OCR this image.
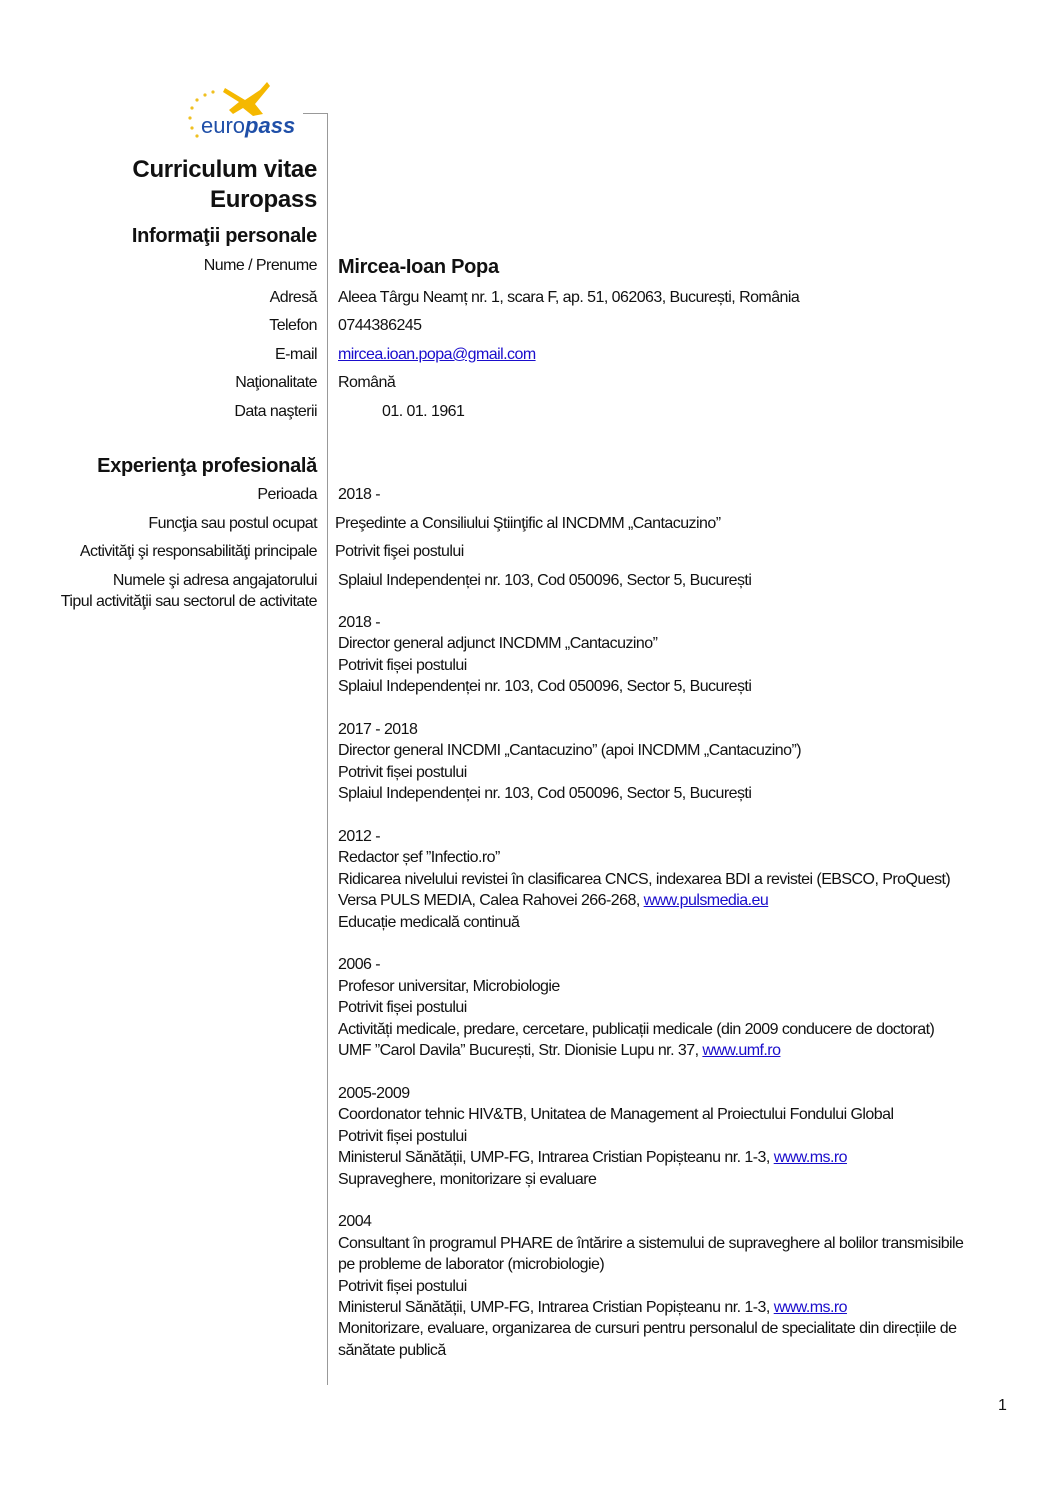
europass
Curriculum vitae
Europass
Informaţii personale
Nume / Prenume Mircea-Ioan Popa
Adresă Aleea Târgu Neamț nr. 1, scara F, ap. 51, 062063, București, România
Telefon 0744386245
E-mail mircea.ioan.popa@gmail.com
Naţionalitate Română
Data naşterii	01. 01. 1961
Experienţa profesională
Perioada 2018 -
Funcţia sau postul ocupat Preşedinte a Consiliului Ştiinţific al INCDMM „Cantacuzino”
Activităţi şi responsabilităţi principale Potrivit fişei postului
Numele şi adresa angajatorului Splaiul Independenței nr. 103, Cod 050096, Sector 5, București
Tipul activităţii sau sectorul de activitate
2018 -
Director general adjunct INCDMM „Cantacuzino”
Potrivit fișei postului
Splaiul Independenței nr. 103, Cod 050096, Sector 5, București
2017 - 2018
Director general INCDMI „Cantacuzino” (apoi INCDMM „Cantacuzino”)
Potrivit fișei postului
Splaiul Independenței nr. 103, Cod 050096, Sector 5, București
2012 -
Redactor șef ”Infectio.ro”
Ridicarea nivelului revistei în clasificarea CNCS, indexarea BDI a revistei (EBSCO, ProQuest)
Versa PULS MEDIA, Calea Rahovei 266-268, www.pulsmedia.eu
Educație medicală continuă
2006 -
Profesor universitar, Microbiologie
Potrivit fișei postului
Activități medicale, predare, cercetare, publicații medicale (din 2009 conducere de doctorat)
UMF ”Carol Davila” București, Str. Dionisie Lupu nr. 37, www.umf.ro
2005-2009
Coordonator tehnic HIV&TB, Unitatea de Management al Proiectului Fondului Global
Potrivit fișei postului
Ministerul Sănătății, UMP-FG, Intrarea Cristian Popișteanu nr. 1-3, www.ms.ro
Supraveghere, monitorizare și evaluare
2004
Consultant în programul PHARE de întărire a sistemului de supraveghere al bolilor transmisibile pe probleme de laborator (microbiologie)
Potrivit fișei postului
Ministerul Sănătății, UMP-FG, Intrarea Cristian Popișteanu nr. 1-3, www.ms.ro
Monitorizare, evaluare, organizarea de cursuri pentru personalul de specialitate din direcțiile de sănătate publică
1
